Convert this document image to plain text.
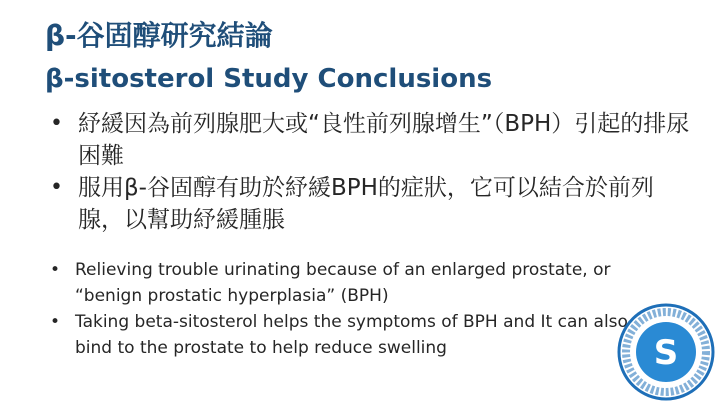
β-谷固醇研究結論
β-sitosterol Study Conclusions
• 紓緩因為前列腺肥大或“良性前列腺增生”（BPH）引起的排尿困難
• 服用β-谷固醇有助於紓緩BPH的症狀，它可以結合於前列腺，以幫助紓緩腫脹
• Relieving trouble urinating because of an enlarged prostate, or “benign prostatic hyperplasia” (BPH)
• Taking beta-sitosterol helps the symptoms of BPH and It can also bind to the prostate to help reduce swelling	S
